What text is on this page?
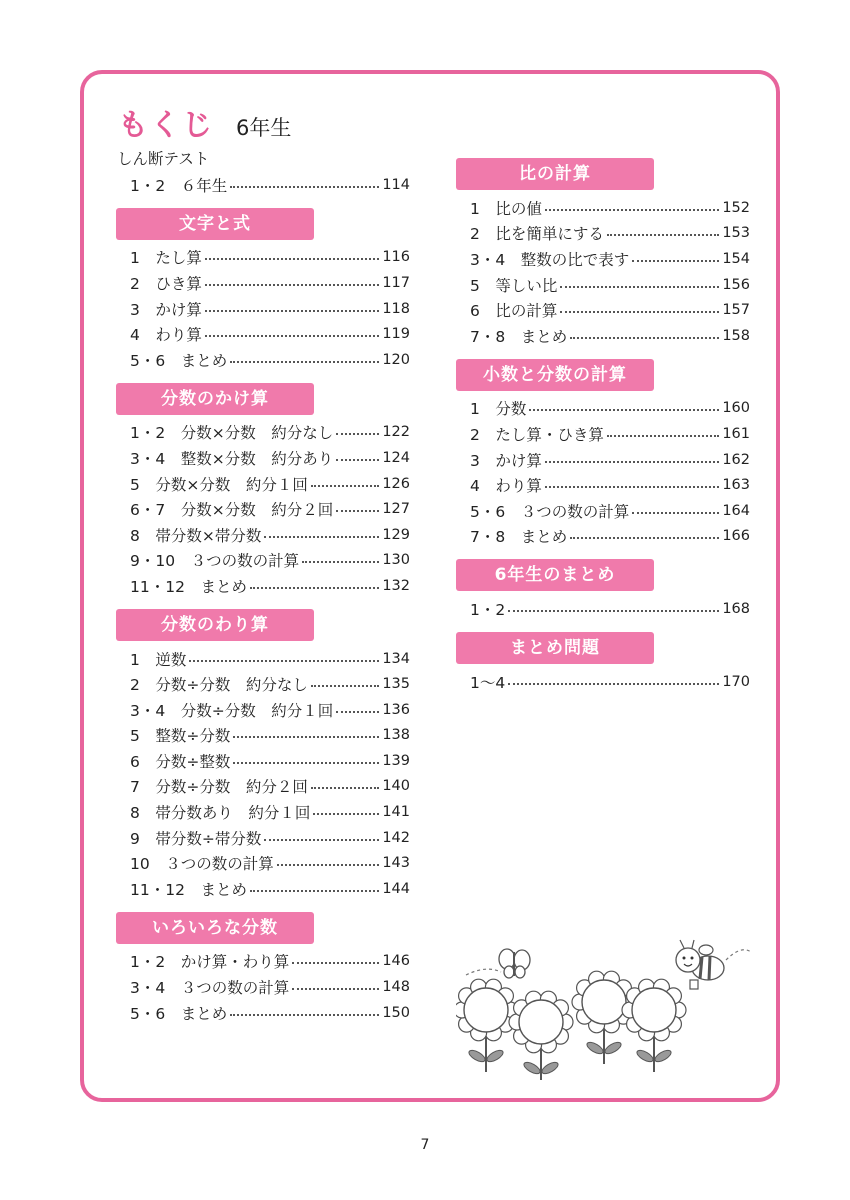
もくじ 6年生
しん断テスト
1・2　６年生	114
文字と式
1　たし算	116
2　ひき算	117
3　かけ算	118
4　わり算	119
5・6　まとめ	120
分数のかけ算
1・2　分数×分数　約分なし	122
3・4　整数×分数　約分あり	124
5　分数×分数　約分１回	126
6・7　分数×分数　約分２回	127
8　帯分数×帯分数	129
9・10　３つの数の計算	130
11・12　まとめ	132
分数のわり算
1　逆数	134
2　分数÷分数　約分なし	135
3・4　分数÷分数　約分１回	136
5　整数÷分数	138
6　分数÷整数	139
7　分数÷分数　約分２回	140
8　帯分数あり　約分１回	141
9　帯分数÷帯分数	142
10　３つの数の計算	143
11・12　まとめ	144
いろいろな分数
1・2　かけ算・わり算	146
3・4　３つの数の計算	148
5・6　まとめ	150
比の計算
1　比の値	152
2　比を簡単にする	153
3・4　整数の比で表す	154
5　等しい比	156
6　比の計算	157
7・8　まとめ	158
小数と分数の計算
1　分数	160
2　たし算・ひき算	161
3　かけ算	162
4　わり算	163
5・6　３つの数の計算	164
7・8　まとめ	166
6年生のまとめ
1・2	168
まとめ問題
1〜4	170
7
